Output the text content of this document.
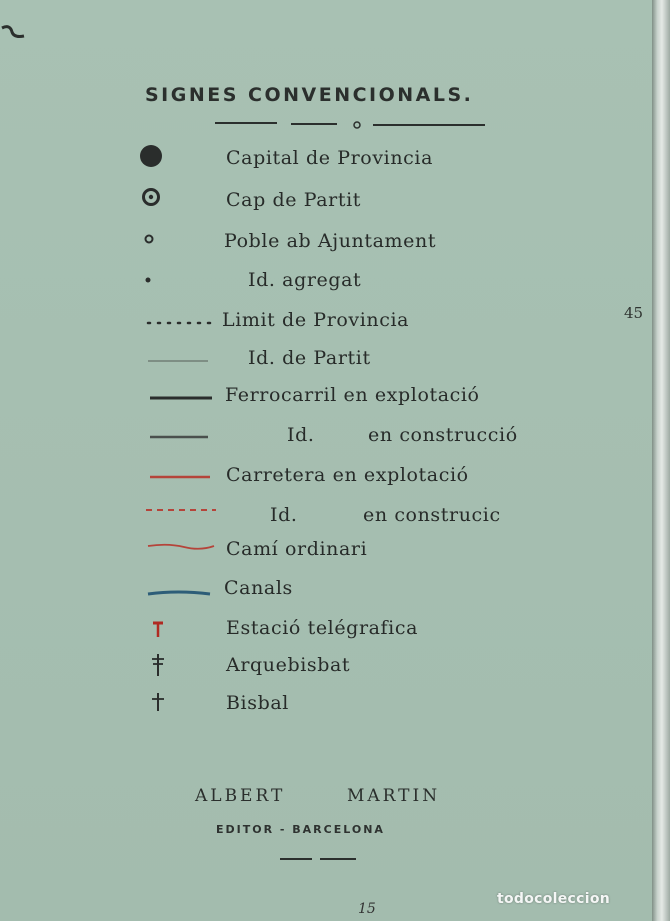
SIGNES CONVENCIONALS.
Capital de Provincia
Cap de Partit
Poble ab Ajuntament
Id. agregat
Limit de Provincia
Id. de Partit
Ferrocarril en explotació
Id.	en construcció
Carretera en explotació
Id.	en construcic
Camí ordinari
Canals
Estació telégrafica
Arquebisbat
Bisbal
45
ALBERT	MARTIN
EDITOR - BARCELONA
15
todocoleccion
